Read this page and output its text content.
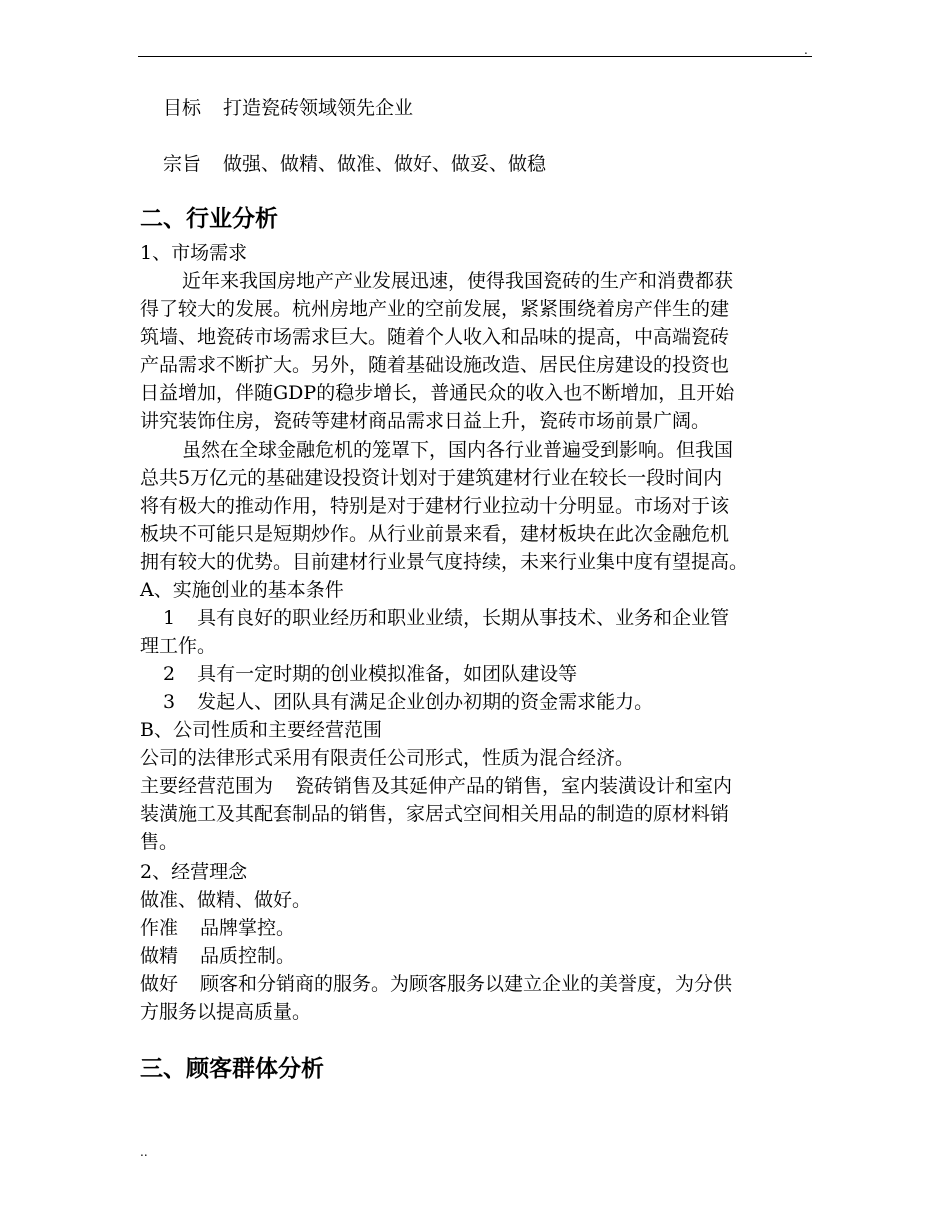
.
目标 打造瓷砖领域领先企业
宗旨 做强、做精、做准、做好、做妥、做稳
二、行业分析
1、市场需求
近年来我国房地产产业发展迅速，使得我国瓷砖的生产和消费都获
得了较大的发展。杭州房地产业的空前发展，紧紧围绕着房产伴生的建
筑墙、地瓷砖市场需求巨大。随着个人收入和品味的提高，中高端瓷砖
产品需求不断扩大。另外，随着基础设施改造、居民住房建设的投资也
日益增加，伴随GDP的稳步增长，普通民众的收入也不断增加，且开始
讲究装饰住房，瓷砖等建材商品需求日益上升，瓷砖市场前景广阔。
虽然在全球金融危机的笼罩下，国内各行业普遍受到影响。但我国
总共5万亿元的基础建设投资计划对于建筑建材行业在较长一段时间内
将有极大的推动作用，特别是对于建材行业拉动十分明显。市场对于该
板块不可能只是短期炒作。从行业前景来看，建材板块在此次金融危机
拥有较大的优势。目前建材行业景气度持续，未来行业集中度有望提高。
A、实施创业的基本条件
1 具有良好的职业经历和职业业绩，长期从事技术、业务和企业管
理工作。
2 具有一定时期的创业模拟准备，如团队建设等
3 发起人、团队具有满足企业创办初期的资金需求能力。
B、公司性质和主要经营范围
公司的法律形式采用有限责任公司形式，性质为混合经济。
主要经营范围为 瓷砖销售及其延伸产品的销售，室内装潢设计和室内
装潢施工及其配套制品的销售，家居式空间相关用品的制造的原材料销
售。
2、经营理念
做准、做精、做好。
作准 品牌掌控。
做精 品质控制。
做好 顾客和分销商的服务。为顾客服务以建立企业的美誉度，为分供
方服务以提高质量。
三、顾客群体分析
..
